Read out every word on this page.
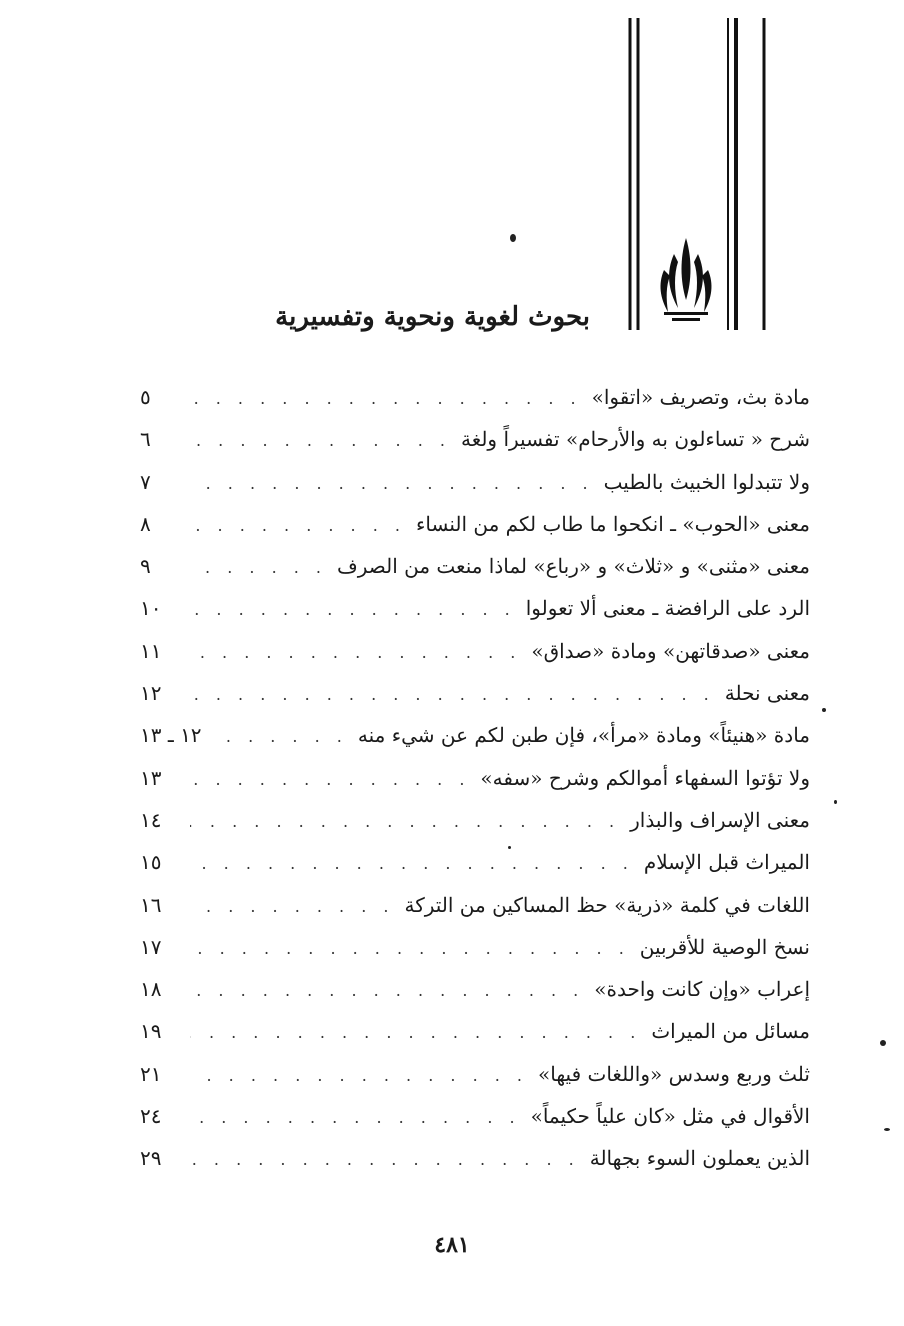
بحوث لغوية ونحوية وتفسيرية
مادة بث، وتصريف «اتقوا»
. . .
٥
شرح « تساءلون به والأرحام» تفسيراً ولغة
. . .
٦
ولا تتبدلوا الخبيث بالطيب
. . .
٧
معنى «الحوب» ـ انكحوا ما طاب لكم من النساء
. . .
٨
معنى «مثنى» و «ثلاث» و «رباع» لماذا منعت من الصرف
. . .
٩
الرد على الرافضة ـ معنى ألا تعولوا
. . .
١٠
معنى «صدقاتهن» ومادة «صداق»
. . .
١١
معنى نحلة
. . .
١٢
مادة «هنيئاً» ومادة «مرأ»، فإن طبن لكم عن شيء منه
. . .
١٢ ـ ١٣
ولا تؤتوا السفهاء أموالكم وشرح «سفه»
. . .
١٣
معنى الإسراف والبذار
. . .
١٤
الميراث قبل الإسلام
. . .
١٥
اللغات في كلمة «ذرية» حظ المساكين من التركة
. . .
١٦
نسخ الوصية للأقربين
. . .
١٧
إعراب «وإن كانت واحدة»
. . .
١٨
مسائل من الميراث
. . .
١٩
ثلث وربع وسدس «واللغات فيها»
. . .
٢١
الأقوال في مثل «كان علياً حكيماً»
. . .
٢٤
الذين يعملون السوء بجهالة
. . .
٢٩
٤٨١
